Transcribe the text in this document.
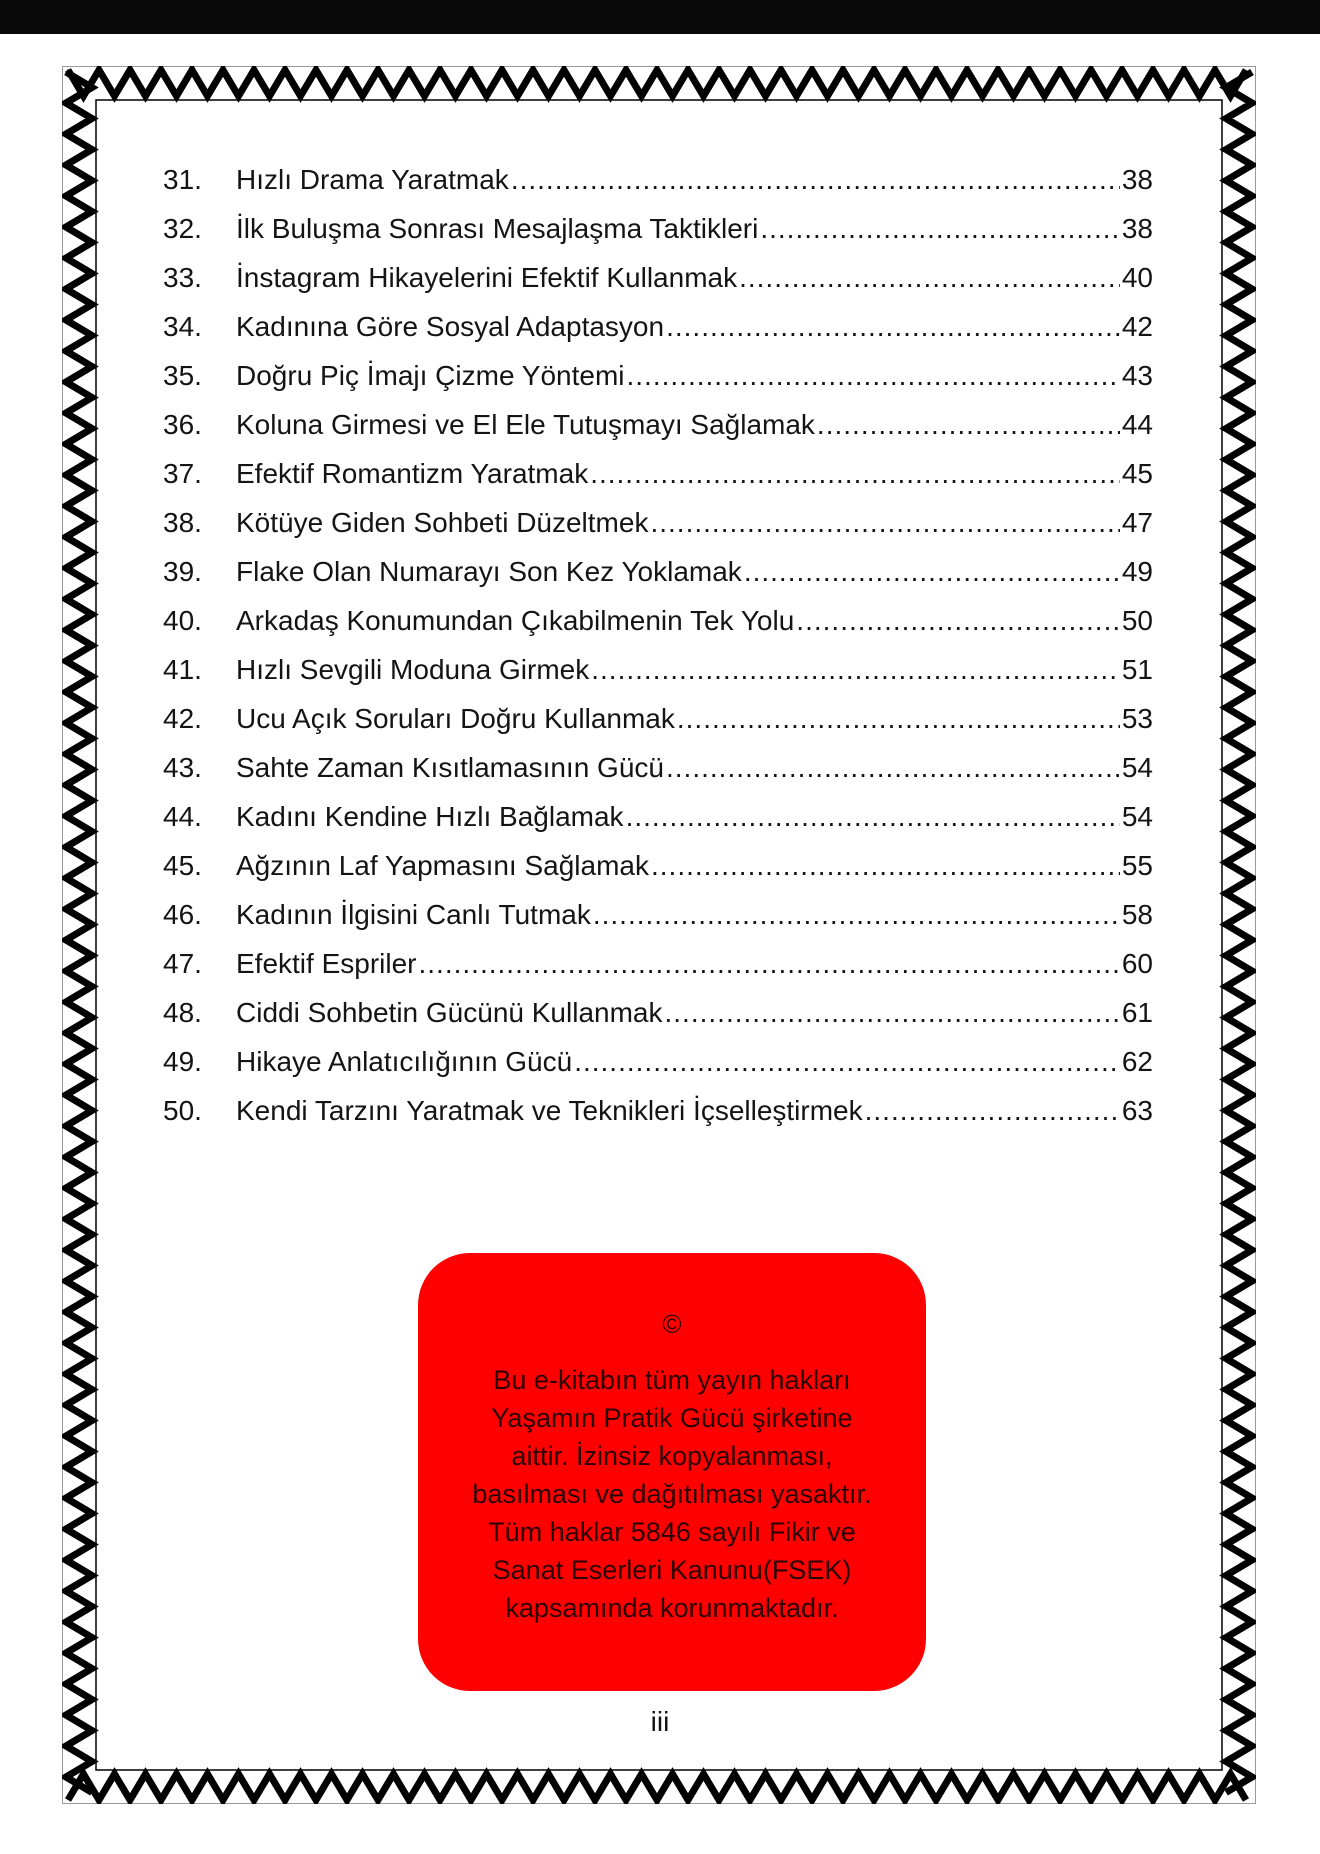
31.	Hızlı Drama Yaratmak .....	38
32.	İlk Buluşma Sonrası Mesajlaşma Taktikleri .....	38
33.	İnstagram Hikayelerini Efektif Kullanmak .....	40
34.	Kadınına Göre Sosyal Adaptasyon .....	42
35.	Doğru Piç İmajı Çizme Yöntemi .....	43
36.	Koluna Girmesi ve El Ele Tutuşmayı Sağlamak .....	44
37.	Efektif Romantizm Yaratmak .....	45
38.	Kötüye Giden Sohbeti Düzeltmek .....	47
39.	Flake Olan Numarayı Son Kez Yoklamak .....	49
40.	Arkadaş Konumundan Çıkabilmenin Tek Yolu .....	50
41.	Hızlı Sevgili Moduna Girmek .....	51
42.	Ucu Açık Soruları Doğru Kullanmak .....	53
43.	Sahte Zaman Kısıtlamasının Gücü .....	54
44.	Kadını Kendine Hızlı Bağlamak .....	54
45.	Ağzının Laf Yapmasını Sağlamak .....	55
46.	Kadının İlgisini Canlı Tutmak .....	58
47.	Efektif Espriler .....	60
48.	Ciddi Sohbetin Gücünü Kullanmak .....	61
49.	Hikaye Anlatıcılığının Gücü .....	62
50.	Kendi Tarzını Yaratmak ve Teknikleri İçselleştirmek .....	63
©
Bu e-kitabın tüm yayın hakları
Yaşamın Pratik Gücü şirketine
aittir. İzinsiz kopyalanması,
basılması ve dağıtılması yasaktır.
Tüm haklar 5846 sayılı Fikir ve
Sanat Eserleri Kanunu(FSEK)
kapsamında korunmaktadır.
iii
